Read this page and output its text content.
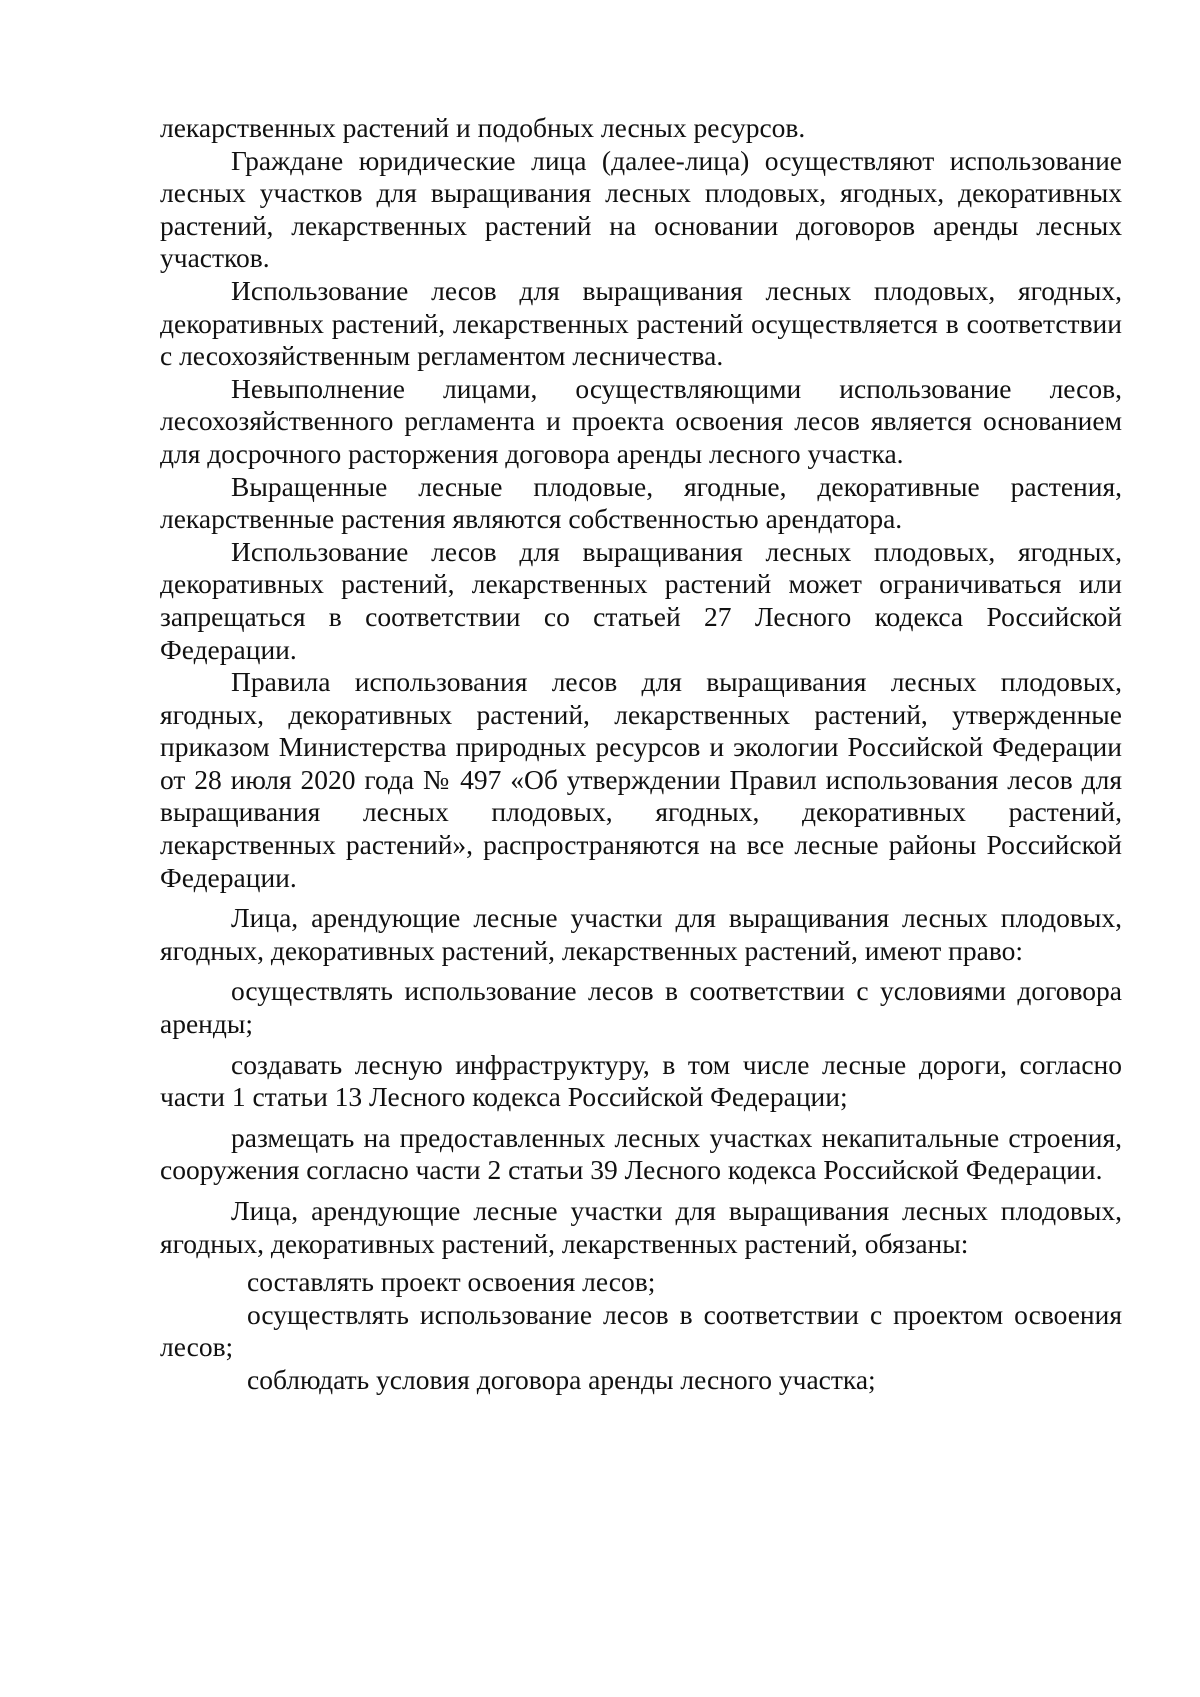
лекарственных растений и подобных лесных ресурсов.

Граждане юридические лица (далее-лица) осуществляют использование лесных участков для выращивания лесных плодовых, ягодных, декоративных растений, лекарственных растений на основании договоров аренды лесных участков.

Использование лесов для выращивания лесных плодовых, ягодных, декоративных растений, лекарственных растений осуществляется в соответствии с лесохозяйственным регламентом лесничества.

Невыполнение лицами, осуществляющими использование лесов, лесохозяйственного регламента и проекта освоения лесов является основанием для досрочного расторжения договора аренды лесного участка.

Выращенные лесные плодовые, ягодные, декоративные растения, лекарственные растения являются собственностью арендатора.

Использование лесов для выращивания лесных плодовых, ягодных, декоративных растений, лекарственных растений может ограничиваться или запрещаться в соответствии со статьей 27 Лесного кодекса Российской Федерации.

Правила использования лесов для выращивания лесных плодовых, ягодных, декоративных растений, лекарственных растений, утвержденные приказом Министерства природных ресурсов и экологии Российской Федерации от 28 июля 2020 года № 497 «Об утверждении Правил использования лесов для выращивания лесных плодовых, ягодных, декоративных растений, лекарственных растений», распространяются на все лесные районы Российской Федерации.

Лица, арендующие лесные участки для выращивания лесных плодовых, ягодных, декоративных растений, лекарственных растений, имеют право:

осуществлять использование лесов в соответствии с условиями договора аренды;

создавать лесную инфраструктуру, в том числе лесные дороги, согласно части 1 статьи 13 Лесного кодекса Российской Федерации;

размещать на предоставленных лесных участках некапитальные строения, сооружения согласно части 2 статьи 39 Лесного кодекса Российской Федерации.

Лица, арендующие лесные участки для выращивания лесных плодовых, ягодных, декоративных растений, лекарственных растений, обязаны:

составлять проект освоения лесов;

осуществлять использование лесов в соответствии с проектом освоения лесов;

соблюдать условия договора аренды лесного участка;
